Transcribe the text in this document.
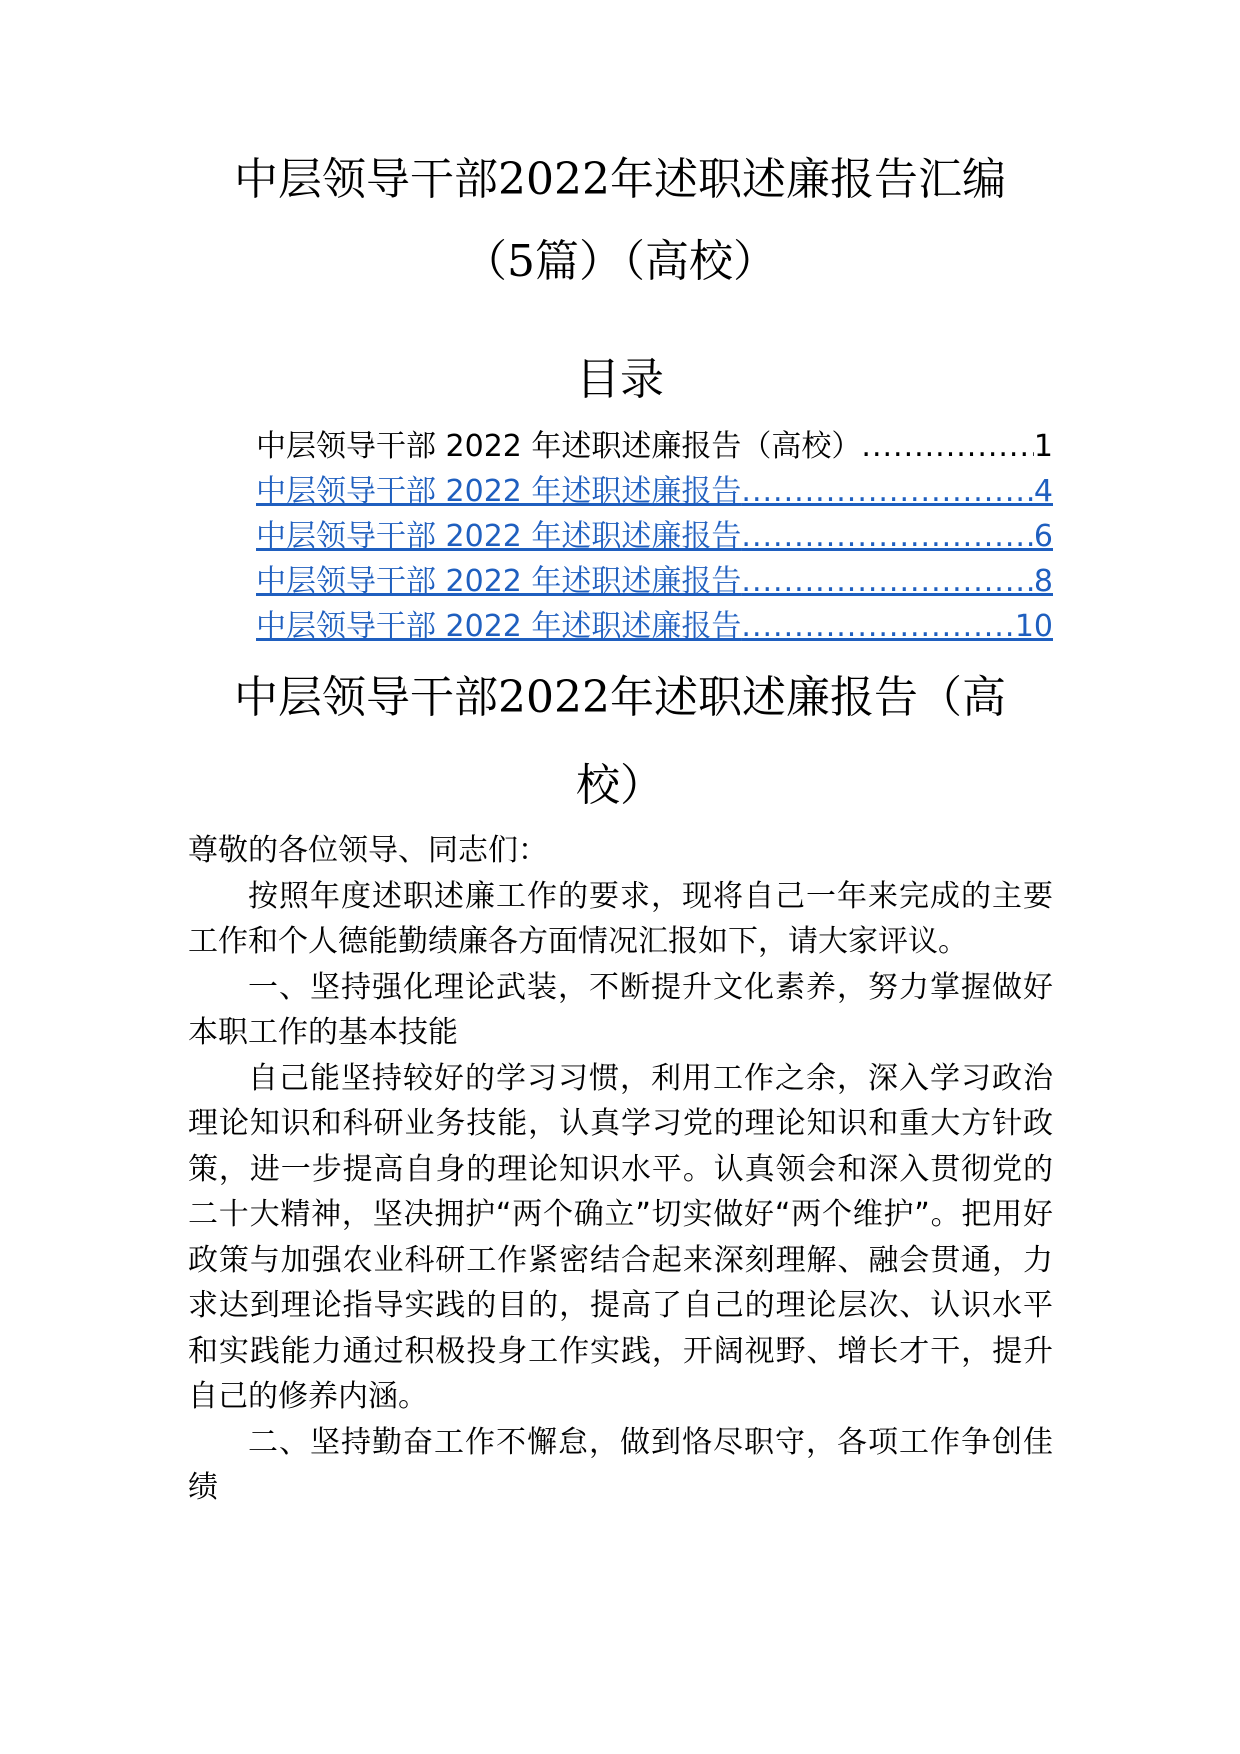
中层领导干部2022年述职述廉报告汇编
（5篇）（高校）
目录
中层领导干部 2022 年述职述廉报告（高校） .....	1
中层领导干部 2022 年述职述廉报告 .....	4
中层领导干部 2022 年述职述廉报告 .....	6
中层领导干部 2022 年述职述廉报告 .....	8
中层领导干部 2022 年述职述廉报告 .....	10
中层领导干部2022年述职述廉报告（高
校）

尊敬的各位领导、同志们：

按照年度述职述廉工作的要求，现将自己一年来完成的主要工作和个人德能勤绩廉各方面情况汇报如下，请大家评议。

一、坚持强化理论武装，不断提升文化素养，努力掌握做好本职工作的基本技能

自己能坚持较好的学习习惯，利用工作之余，深入学习政治理论知识和科研业务技能，认真学习党的理论知识和重大方针政策，进一步提高自身的理论知识水平。认真领会和深入贯彻党的二十大精神，坚决拥护“两个确立”切实做好“两个维护”。把用好政策与加强农业科研工作紧密结合起来深刻理解、融会贯通，力求达到理论指导实践的目的，提高了自己的理论层次、认识水平和实践能力通过积极投身工作实践，开阔视野、增长才干，提升自己的修养内涵。

二、坚持勤奋工作不懈怠，做到恪尽职守，各项工作争创佳绩
